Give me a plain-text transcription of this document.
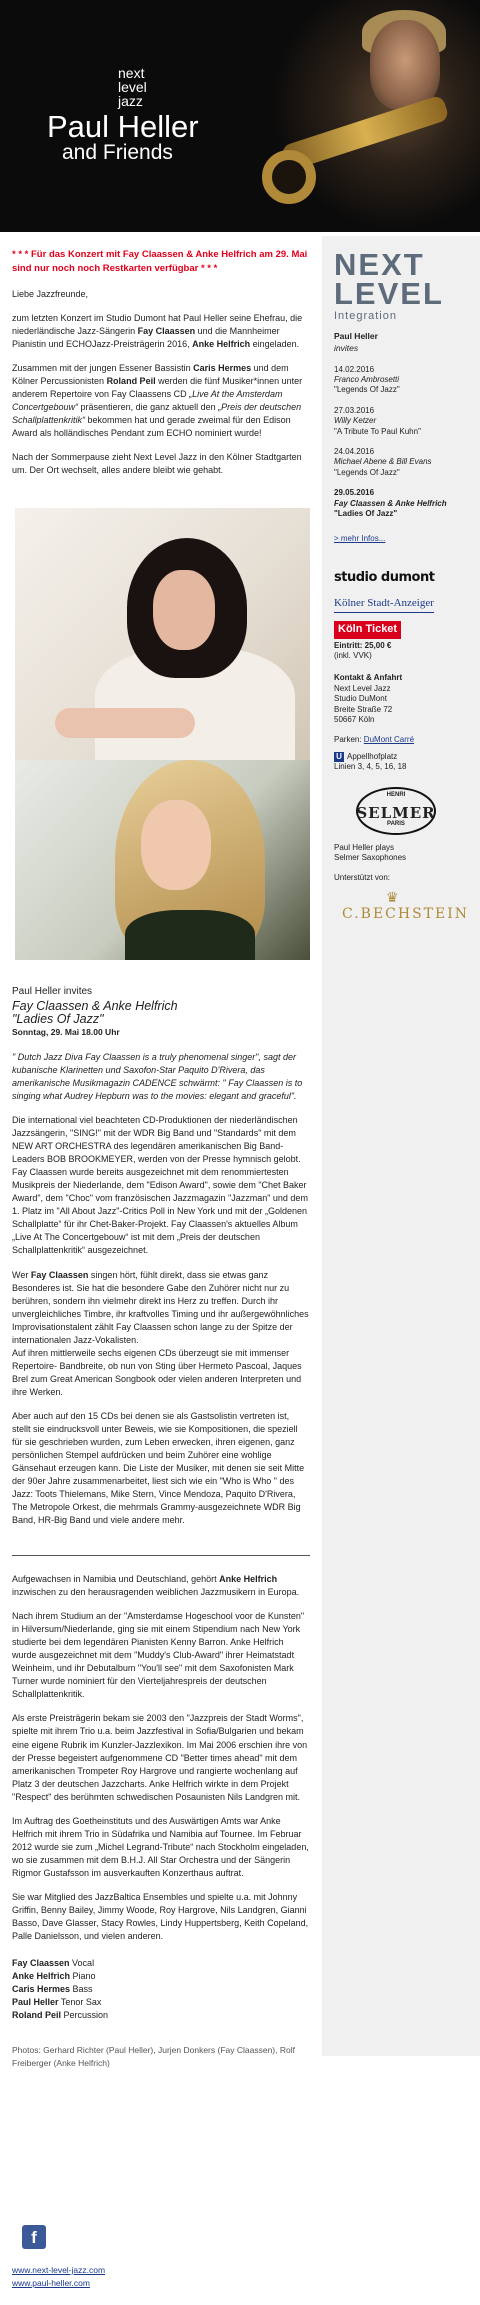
next
level
jazz
Paul Heller
and Friends
* * * Für das Konzert mit Fay Claassen & Anke Helfrich am 29. Mai sind nur noch noch Restkarten verfügbar * * *

Liebe Jazzfreunde,

zum letzten Konzert im Studio Dumont hat Paul Heller seine Ehefrau, die niederländische Jazz-Sängerin Fay Claassen und die Mannheimer Pianistin und ECHOJazz-Preisträgerin 2016, Anke Helfrich eingeladen.

Zusammen mit der jungen Essener Bassistin Caris Hermes und dem Kölner Percussionisten Roland Peil werden die fünf Musiker*innen unter anderem Repertoire von Fay Claassens CD „Live At the Amsterdam Concertgebouw“ präsentieren, die ganz aktuell den „Preis der deutschen Schallplattenkritik“ bekommen hat und gerade zweimal für den Edison Award als holländisches Pendant zum ECHO nominiert wurde!

Nach der Sommerpause zieht Next Level Jazz in den Kölner Stadtgarten um. Der Ort wechselt, alles andere bleibt wie gehabt.

Paul Heller invites
Fay Claassen & Anke Helfrich
"Ladies Of Jazz"
Sonntag, 29. Mai 18.00 Uhr

" Dutch Jazz Diva Fay Claassen is a truly phenomenal singer", sagt der kubanische Klarinetten und Saxofon-Star Paquito D'Rivera, das amerikanische Musikmagazin CADENCE schwärmt: " Fay Claassen is to singing what Audrey Hepburn was to the movies: elegant and graceful".

Die international viel beachteten CD-Produktionen der niederländischen Jazzsängerin, "SING!" mit der WDR Big Band und "Standards" mit dem NEW ART ORCHESTRA des legendären amerikanischen Big Band-Leaders BOB BROOKMEYER, werden von der Presse hymnisch gelobt. Fay Claassen wurde bereits ausgezeichnet mit dem renommiertesten Musikpreis der Niederlande, dem "Edison Award", sowie dem "Chet Baker Award", dem "Choc" vom französischen Jazzmagazin "Jazzman" und dem 1. Platz im "All About Jazz"-Critics Poll in New York und mit der „Goldenen Schallplatte“ für ihr Chet-Baker-Projekt. Fay Claassen's aktuelles Album „Live At The Concertgebouw“ ist mit dem „Preis der deutschen Schallplattenkritik“ ausgezeichnet.

Wer Fay Claassen singen hört, fühlt direkt, dass sie etwas ganz Besonderes ist. Sie hat die besondere Gabe den Zuhörer nicht nur zu berühren, sondern ihn vielmehr direkt ins Herz zu treffen. Durch ihr unvergleichliches Timbre, ihr kraftvolles Timing und ihr außergewöhnliches Improvisationstalent zählt Fay Claassen schon lange zu der Spitze der internationalen Jazz-Vokalisten.
Auf ihren mittlerweile sechs eigenen CDs überzeugt sie mit immenser Repertoire- Bandbreite, ob nun von Sting über Hermeto Pascoal, Jaques Brel zum Great American Songbook oder vielen anderen Interpreten und ihre Werken.

Aber auch auf den 15 CDs bei denen sie als Gastsolistin vertreten ist, stellt sie eindrucksvoll unter Beweis, wie sie Kompositionen, die speziell für sie geschrieben wurden, zum Leben erwecken, ihren eigenen, ganz persönlichen Stempel aufdrücken und beim Zuhörer eine wohlige Gänsehaut erzeugen kann. Die Liste der Musiker, mit denen sie seit Mitte der 90er Jahre zusammenarbeitet, liest sich wie ein "Who is Who " des Jazz: Toots Thielemans, Mike Stern, Vince Mendoza, Paquito D'Rivera, The Metropole Orkest, die mehrmals Grammy-ausgezeichnete WDR Big Band, HR-Big Band und viele andere mehr.

Aufgewachsen in Namibia und Deutschland, gehört Anke Helfrich inzwischen zu den herausragenden weiblichen Jazzmusikern in Europa.

Nach ihrem Studium an der "Amsterdamse Hogeschool voor de Kunsten" in Hilversum/Niederlande, ging sie mit einem Stipendium nach New York studierte bei dem legendären Pianisten Kenny Barron. Anke Helfrich wurde ausgezeichnet mit dem "Muddy's Club-Award" ihrer Heimatstadt Weinheim, und ihr Debutalbum "You'll see" mit dem Saxofonisten Mark Turner wurde nominiert für den Vierteljahrespreis der deutschen Schallplattenkritik.

Als erste Preisträgerin bekam sie 2003 den "Jazzpreis der Stadt Worms", spielte mit ihrem Trio u.a. beim Jazzfestival in Sofia/Bulgarien und bekam eine eigene Rubrik im Kunzler-Jazzlexikon. Im Mai 2006 erschien ihre von der Presse begeistert aufgenommene CD "Better times ahead" mit dem amerikanischen Trompeter Roy Hargrove und rangierte wochenlang auf Platz 3 der deutschen Jazzcharts. Anke Helfrich wirkte in dem Projekt "Respect" des berühmten schwedischen Posaunisten Nils Landgren mit.

Im Auftrag des Goetheinstituts und des Auswärtigen Amts war Anke Helfrich mit ihrem Trio in Südafrika und Namibia auf Tournee. Im Februar 2012 wurde sie zum „Michel Legrand-Tribute“ nach Stockholm eingeladen, wo sie zusammen mit dem B.H.J. All Star Orchestra und der Sängerin Rigmor Gustafsson im ausverkauften Konzerthaus auftrat.

Sie war Mitglied des JazzBaltica Ensembles und spielte u.a. mit Johnny Griffin, Benny Bailey, Jimmy Woode, Roy Hargrove, Nils Landgren, Gianni Basso, Dave Glasser, Stacy Rowles, Lindy Huppertsberg, Keith Copeland, Palle Danielsson, und vielen anderen.

Fay Claassen Vocal
Anke Helfrich Piano
Caris Hermes Bass
Paul Heller Tenor Sax
Roland Peil Percussion

Photos: Gerhard Richter (Paul Heller), Jurjen Donkers (Fay Claassen), Rolf Freiberger (Anke Helfrich)

f
www.next-level-jazz.com
www.paul-heller.com
NEXT
LEVEL
Integration
Paul Heller
invites
14.02.2016
Franco Ambrosetti
"Legends Of Jazz"
27.03.2016
Willy Ketzer
"A Tribute To Paul Kuhn"
24.04.2016
Michael Abene & Bill Evans
"Legends Of Jazz"
29.05.2016
Fay Claassen & Anke Helfrich
"Ladies Of Jazz"
> mehr Infos...
studio dumont
Kölner Stadt-Anzeiger
Köln Ticket
Eintritt: 25,00 €
(inkl. VVK)
Kontakt & Anfahrt
Next Level Jazz
Studio DuMont
Breite Straße 72
50667 Köln
Parken: DuMont Carré
U Appellhofplatz
Linien 3, 4, 5, 16, 18
HENRI
SELMER
PARIS
Paul Heller plays
Selmer Saxophones
Unterstützt von:
♛
C.BECHSTEIN
